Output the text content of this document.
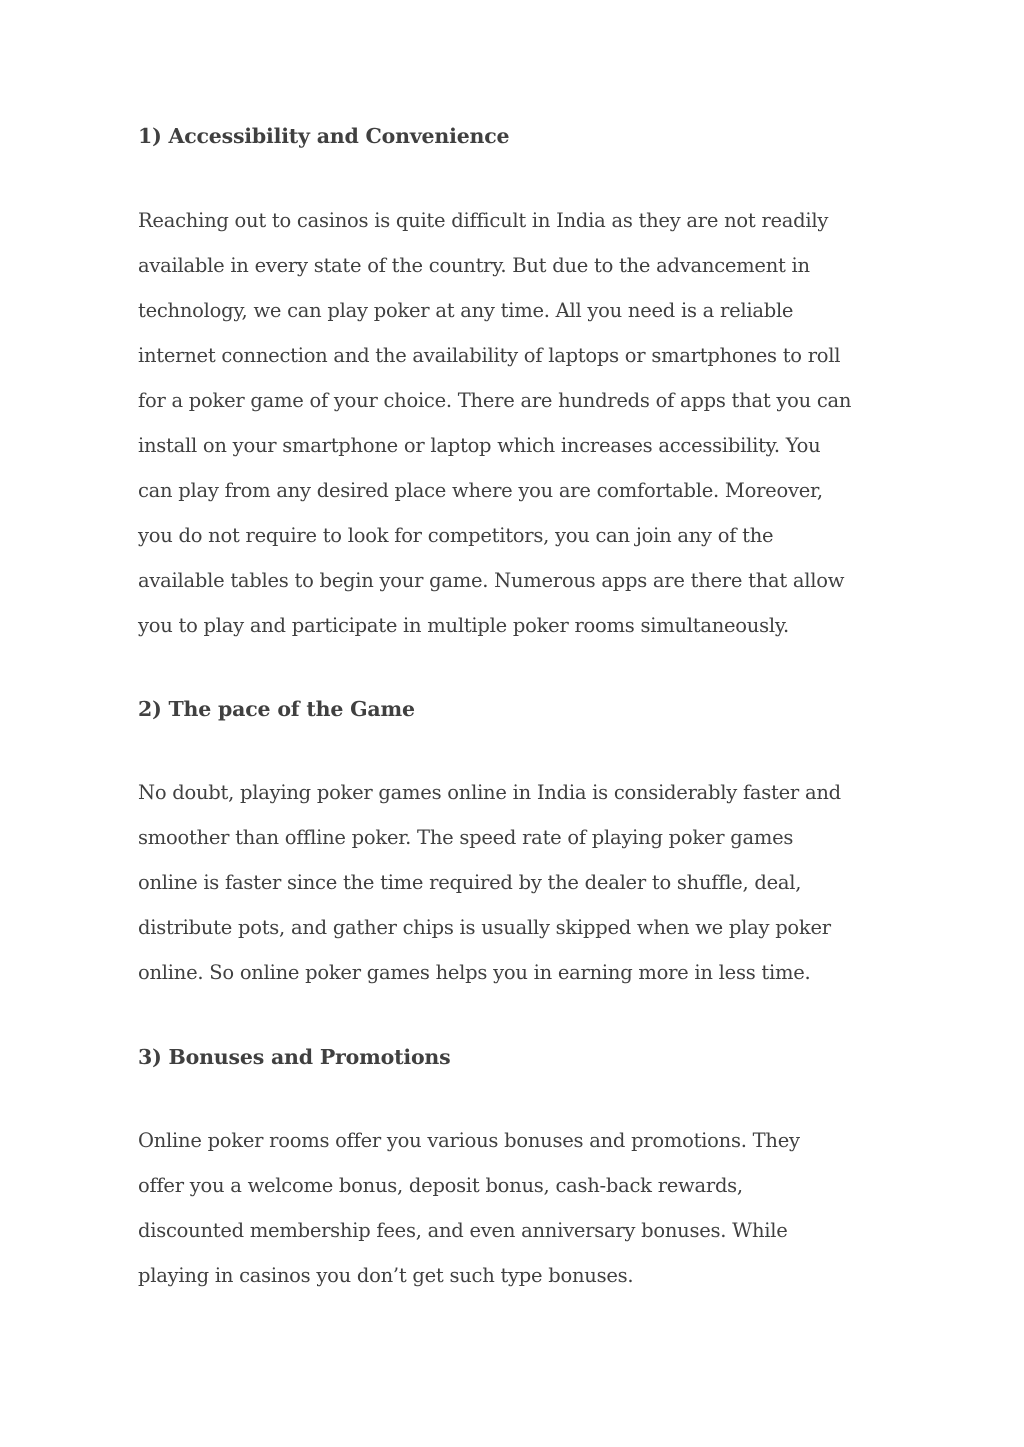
1) Accessibility and Convenience
Reaching out to casinos is quite difficult in India as they are not readily
available in every state of the country. But due to the advancement in
technology, we can play poker at any time. All you need is a reliable
internet connection and the availability of laptops or smartphones to roll
for a poker game of your choice. There are hundreds of apps that you can
install on your smartphone or laptop which increases accessibility. You
can play from any desired place where you are comfortable. Moreover,
you do not require to look for competitors, you can join any of the
available tables to begin your game. Numerous apps are there that allow
you to play and participate in multiple poker rooms simultaneously.
2) The pace of the Game
No doubt, playing poker games online in India is considerably faster and
smoother than offline poker. The speed rate of playing poker games
online is faster since the time required by the dealer to shuffle, deal,
distribute pots, and gather chips is usually skipped when we play poker
online. So online poker games helps you in earning more in less time.
3) Bonuses and Promotions
Online poker rooms offer you various bonuses and promotions. They
offer you a welcome bonus, deposit bonus, cash-back rewards,
discounted membership fees, and even anniversary bonuses. While
playing in casinos you don’t get such type bonuses.
